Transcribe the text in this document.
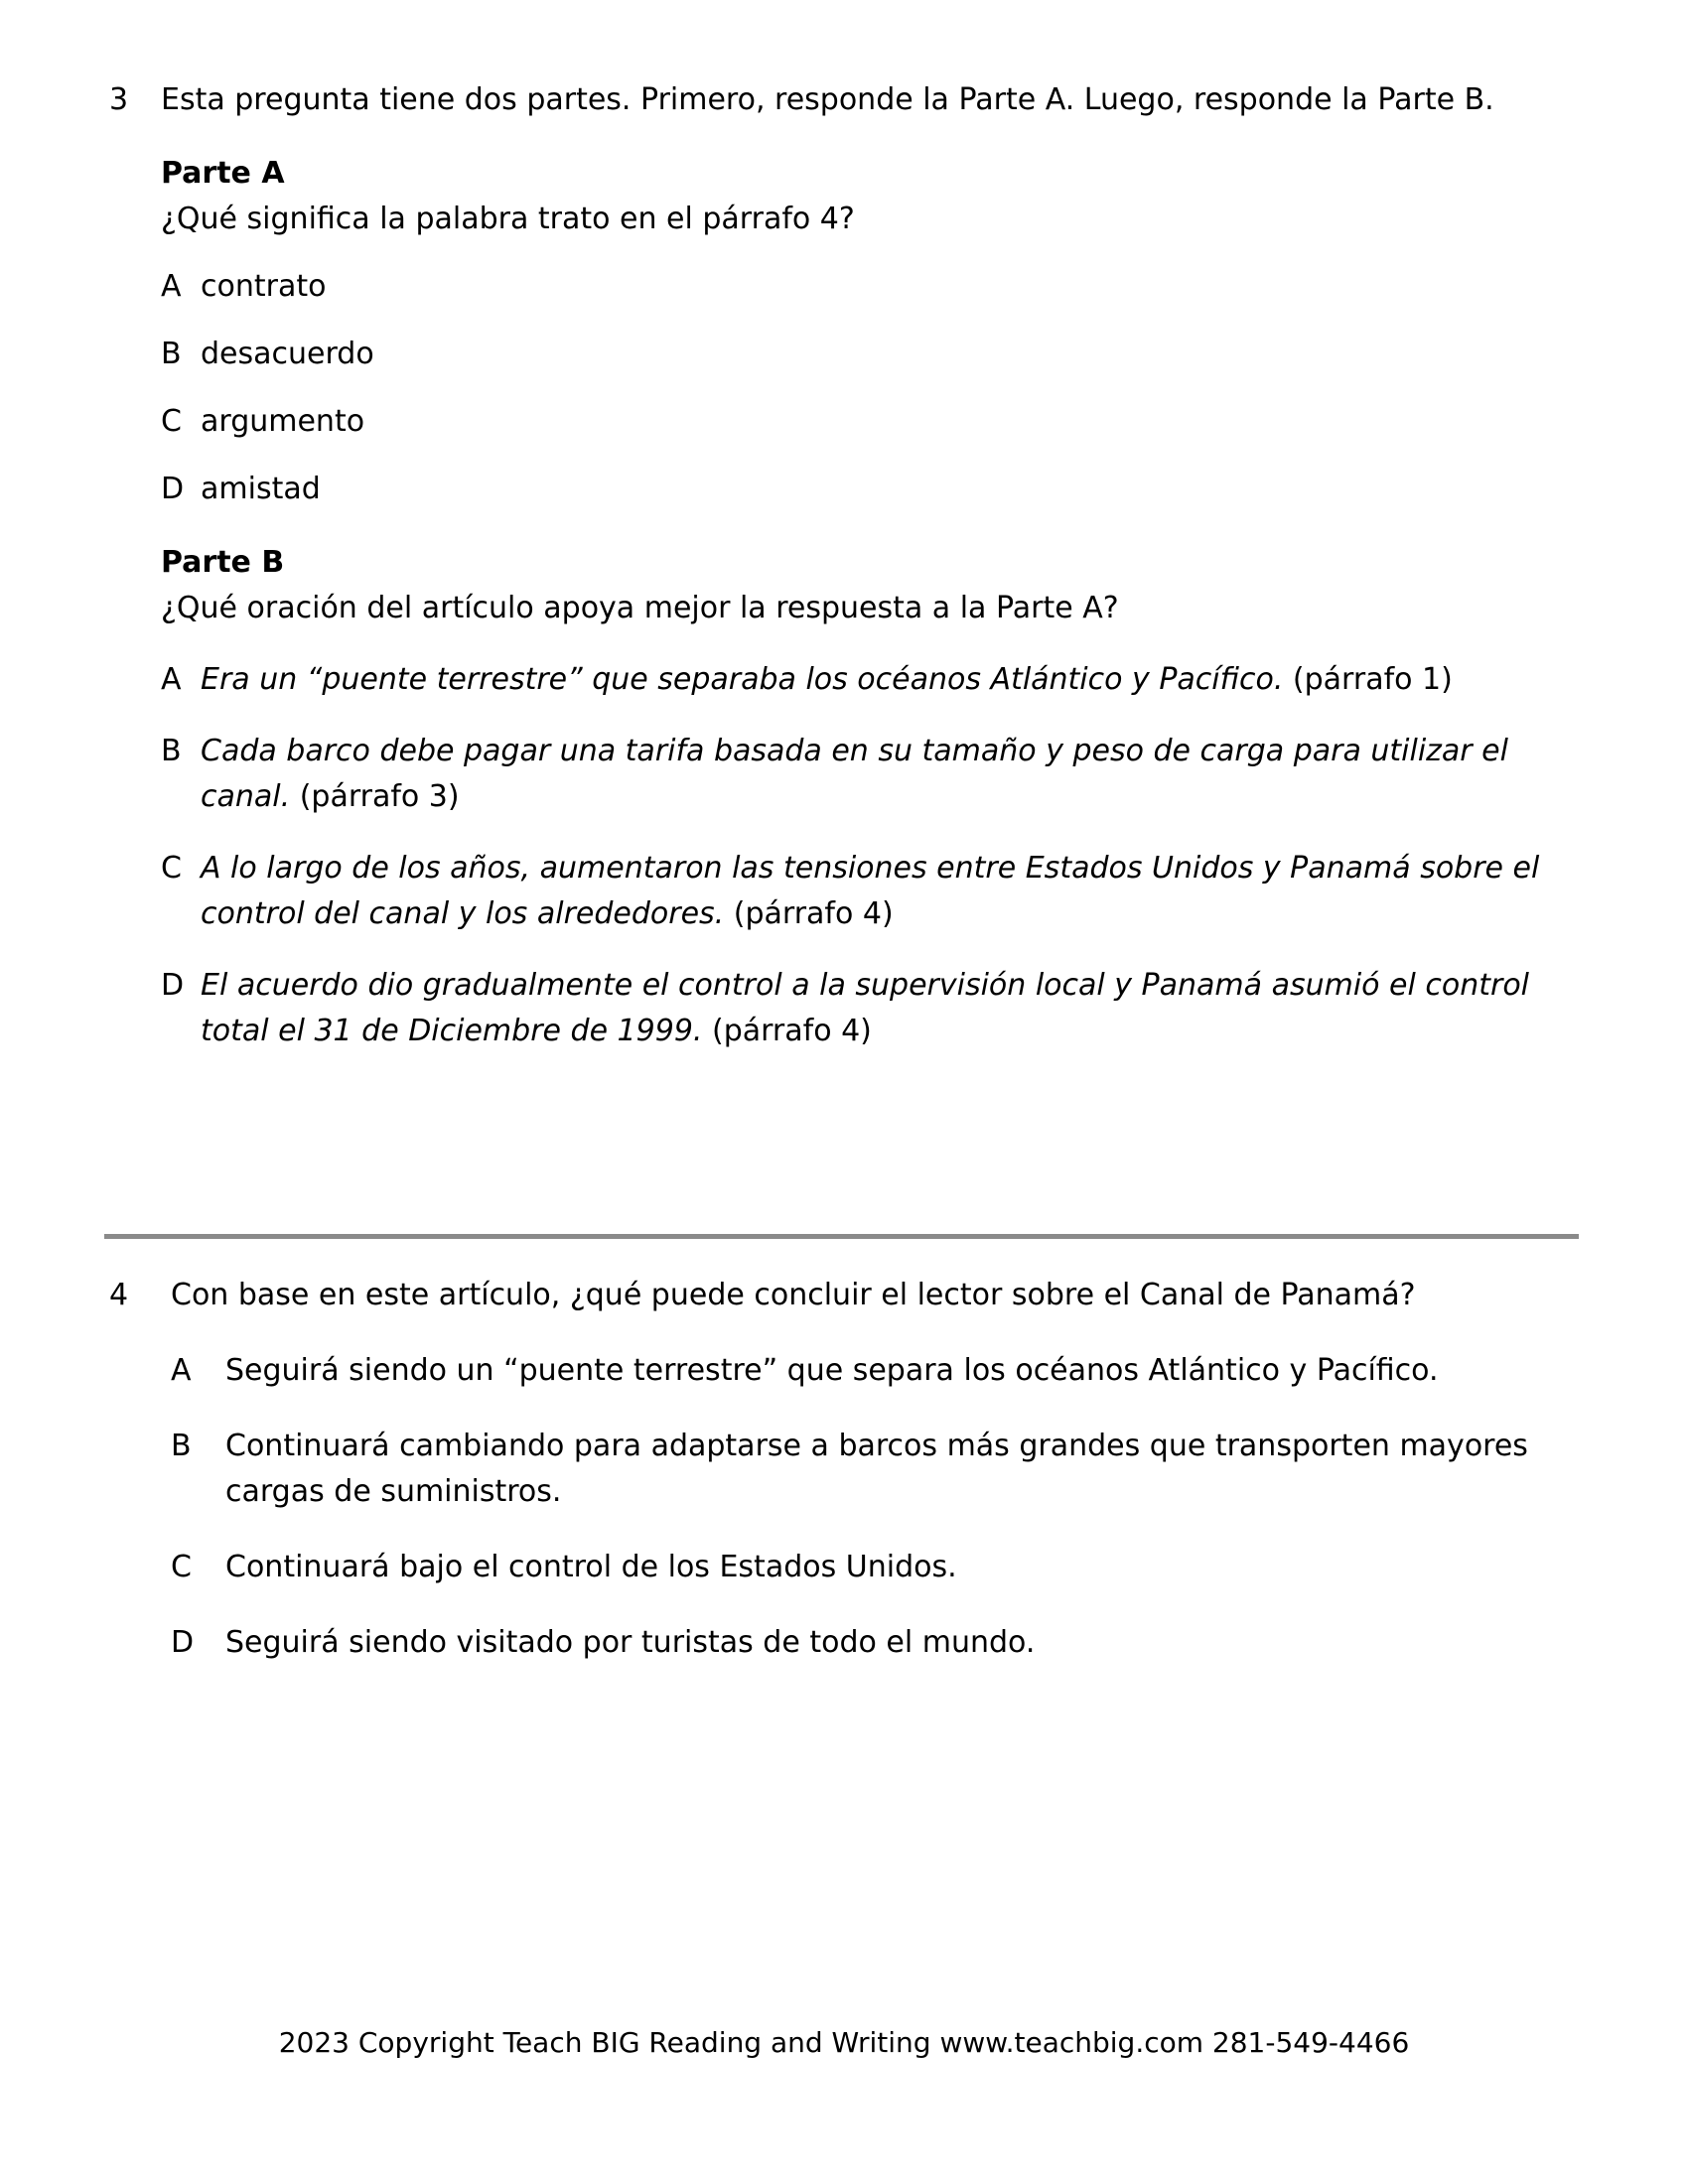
3	Esta pregunta tiene dos partes. Primero, responde la Parte A. Luego, responde la Parte B.
Parte A
¿Qué significa la palabra trato en el párrafo 4?
A contrato
B desacuerdo
C argumento
D amistad
Parte B
¿Qué oración del artículo apoya mejor la respuesta a la Parte A?
A Era un “puente terrestre” que separaba los océanos Atlántico y Pacífico. (párrafo 1)
B Cada barco debe pagar una tarifa basada en su tamaño y peso de carga para utilizar el canal. (párrafo 3)
C A lo largo de los años, aumentaron las tensiones entre Estados Unidos y Panamá sobre el control del canal y los alrededores. (párrafo 4)
D El acuerdo dio gradualmente el control a la supervisión local y Panamá asumió el control total el 31 de Diciembre de 1999. (párrafo 4)
4	Con base en este artículo, ¿qué puede concluir el lector sobre el Canal de Panamá?
A	Seguirá siendo un “puente terrestre” que separa los océanos Atlántico y Pacífico.
B	Continuará cambiando para adaptarse a barcos más grandes que transporten mayores cargas de suministros.
C	Continuará bajo el control de los Estados Unidos.
D	Seguirá siendo visitado por turistas de todo el mundo.
2023 Copyright Teach BIG Reading and Writing www.teachbig.com 281-549-4466
